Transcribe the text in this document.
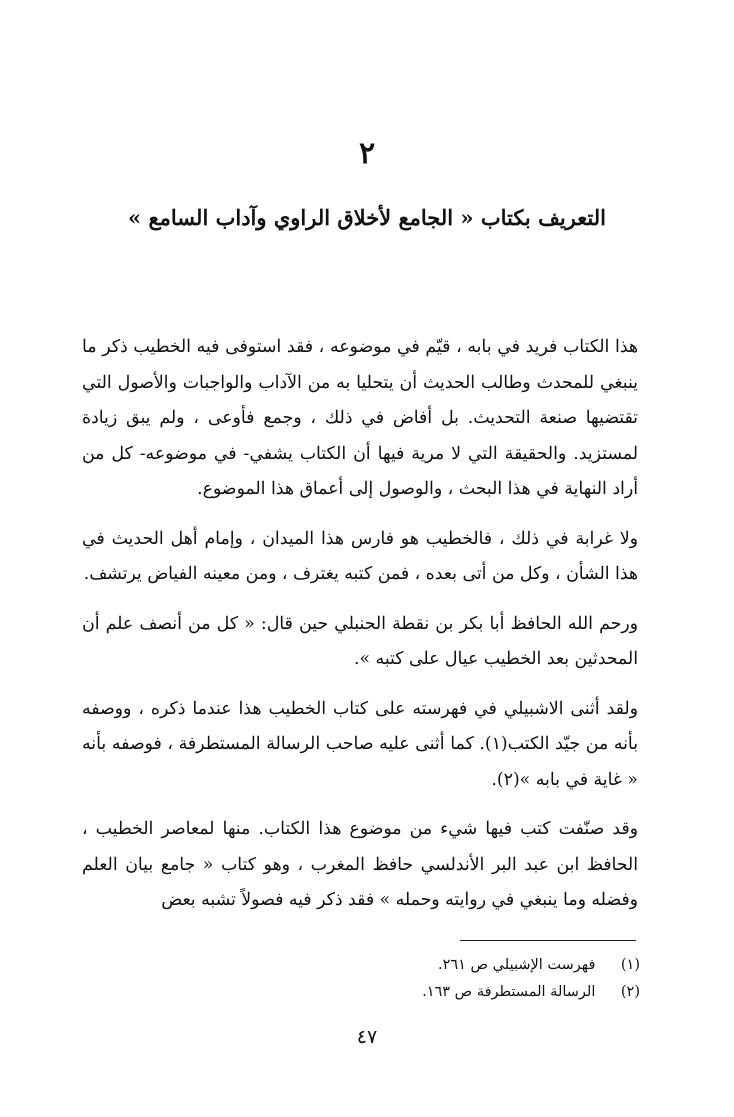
٢
التعريف بكتاب « الجامع لأخلاق الراوي وآداب السامع »

هذا الكتاب فريد في بابه ، قيّم في موضوعه ، فقد استوفى فيه الخطيب ذكر ما ينبغي للمحدث وطالب الحديث أن يتحليا به من الآداب والواجبات والأصول التي تقتضيها صنعة التحديث. بل أفاض في ذلك ، وجمع فأوعى ، ولم يبق زيادة لمستزيد. والحقيقة التي لا مرية فيها أن الكتاب يشفي- في موضوعه- كل من أراد النهاية في هذا البحث ، والوصول إلى أعماق هذا الموضوع.

ولا غرابة في ذلك ، فالخطيب هو فارس هذا الميدان ، وإمام أهل الحديث في هذا الشأن ، وكل من أتى بعده ، فمن كتبه يغترف ، ومن معينه الفياض يرتشف.

ورحم الله الحافظ أبا بكر بن نقطة الحنبلي حين قال: « كل من أنصف علم أن المحدثين بعد الخطيب عيال على كتبه ».

ولقد أثنى الاشبيلي في فهرسته على كتاب الخطيب هذا عندما ذكره ، ووصفه بأنه من جيّد الكتب(١). كما أثنى عليه صاحب الرسالة المستطرفة ، فوصفه بأنه « غاية في بابه »(٢).

وقد صنّفت كتب فيها شيء من موضوع هذا الكتاب. منها لمعاصر الخطيب ، الحافظ ابن عبد البر الأندلسي حافظ المغرب ، وهو كتاب « جامع بيان العلم وفضله وما ينبغي في روايته وحمله » فقد ذكر فيه فصولاً تشبه بعض

(١) فهرست الإشبيلي ص ٢٦١.
(٢) الرسالة المستطرفة ص ١٦٣.
٤٧
